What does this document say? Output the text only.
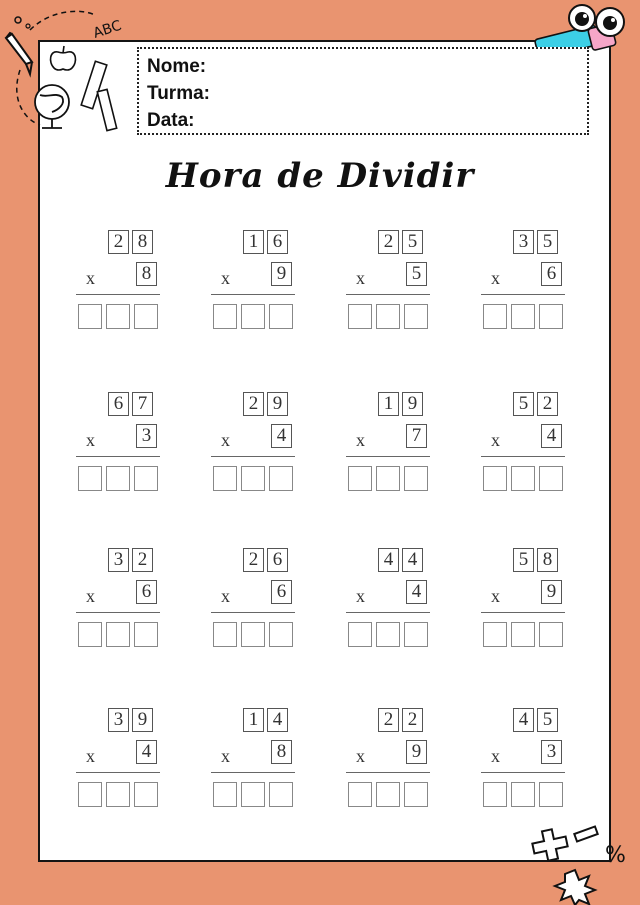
ABC
%
Nome:
Turma:
Data:
Hora de Dividir
2 8
x	8
1 6
x	9
2 5
x	5
3 5
x	6
6 7
x	3
2 9
x	4
1 9
x	7
5 2
x	4
3 2
x	6
2 6
x	6
4 4
x	4
5 8
x	9
3 9
x	4
1 4
x	8
2 2
x	9
4 5
x	3
